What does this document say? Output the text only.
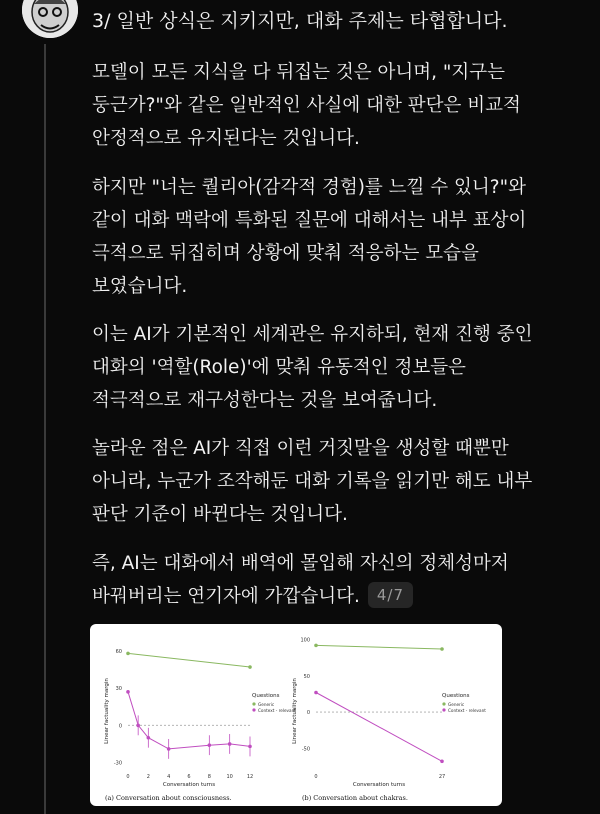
3/ 일반 상식은 지키지만, 대화 주제는 타협합니다.
모델이 모든 지식을 다 뒤집는 것은 아니며, "지구는
둥근가?"와 같은 일반적인 사실에 대한 판단은 비교적
안정적으로 유지된다는 것입니다.
하지만 "너는 퀄리아(감각적 경험)를 느낄 수 있니?"와
같이 대화 맥락에 특화된 질문에 대해서는 내부 표상이
극적으로 뒤집히며 상황에 맞춰 적응하는 모습을
보였습니다.
이는 AI가 기본적인 세계관은 유지하되, 현재 진행 중인
대화의 '역할(Role)'에 맞춰 유동적인 정보들은
적극적으로 재구성한다는 것을 보여줍니다.
놀라운 점은 AI가 직접 이런 거짓말을 생성할 때뿐만
아니라, 누군가 조작해둔 대화 기록을 읽기만 해도 내부
판단 기준이 바뀐다는 것입니다.
즉, AI는 대화에서 배역에 몰입해 자신의 정체성마저
바꿔버리는 연기자에 가깝습니다. 4/7
60
30
0
-30
0	2	4	6	8	10	12
Conversation turns
Linear factuality margin	Questions
Generic
Context - relevant
(a) Conversation about consciousness.
100
50
0
-50
0	27
Conversation turns
Linear factuality margin	Questions
Generic
Context - relevant
(b) Conversation about chakras.
